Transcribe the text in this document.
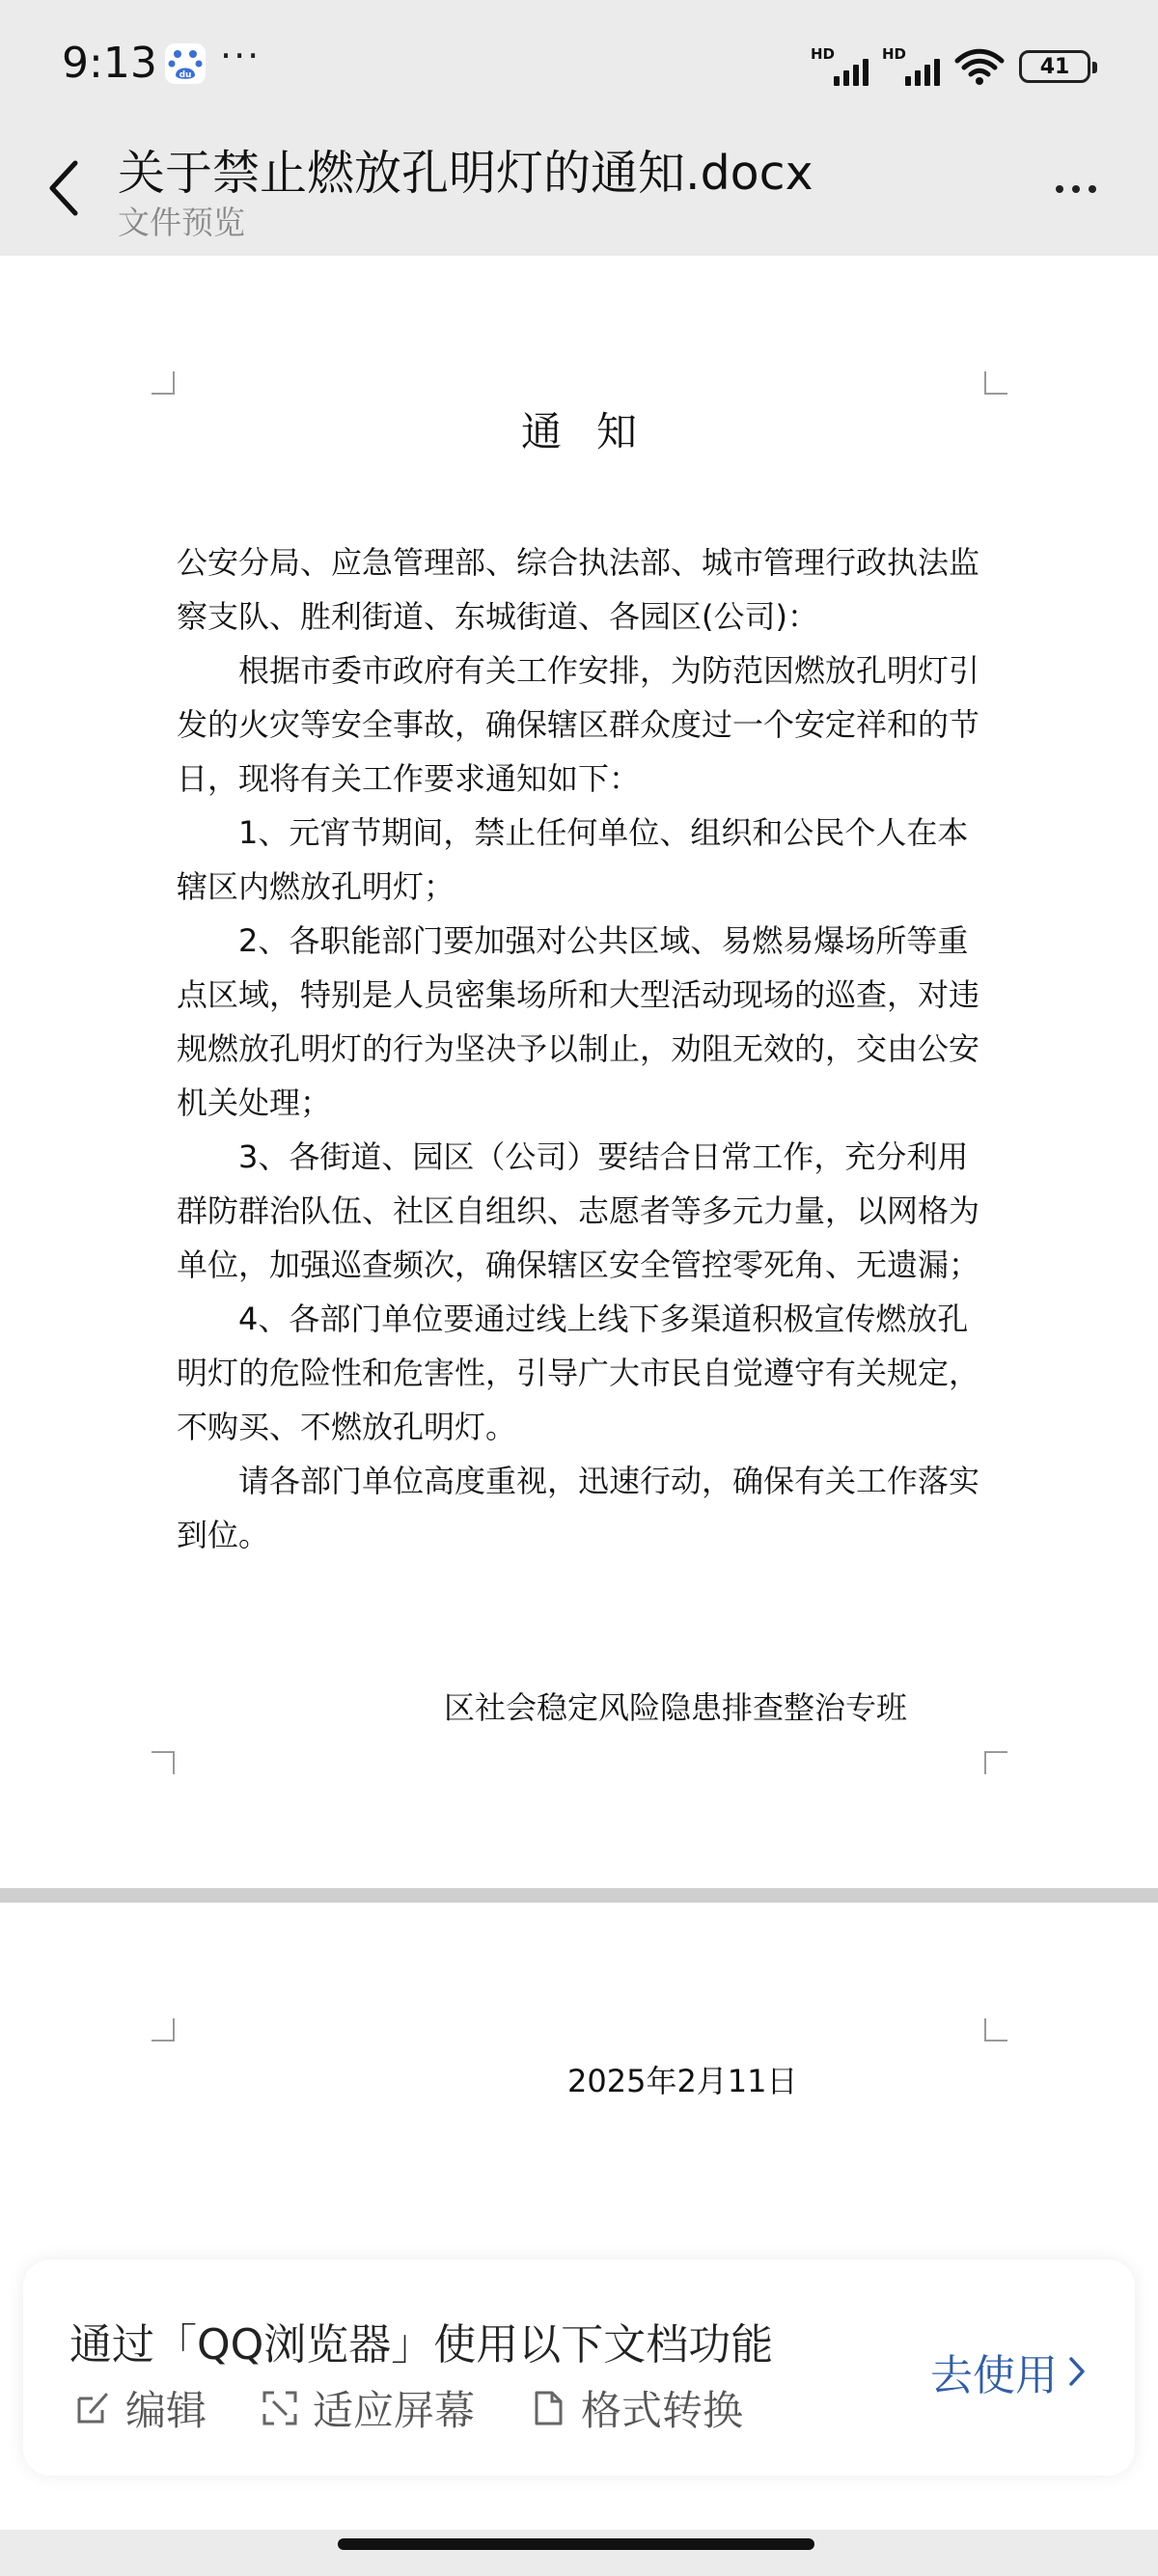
9:13	du ···	HD	HD
41
关于禁止燃放孔明灯的通知.docx
文件预览
通知

公安分局、应急管理部、综合执法部、城市管理行政执法监察支队、胜利街道、东城街道、各园区(公司)：

根据市委市政府有关工作安排，为防范因燃放孔明灯引发的火灾等安全事故，确保辖区群众度过一个安定祥和的节日，现将有关工作要求通知如下：

1、元宵节期间，禁止任何单位、组织和公民个人在本辖区内燃放孔明灯；

2、各职能部门要加强对公共区域、易燃易爆场所等重点区域，特别是人员密集场所和大型活动现场的巡查，对违规燃放孔明灯的行为坚决予以制止，劝阻无效的，交由公安机关处理；

3、各街道、园区（公司）要结合日常工作，充分利用群防群治队伍、社区自组织、志愿者等多元力量，以网格为单位，加强巡查频次，确保辖区安全管控零死角、无遗漏；

4、各部门单位要通过线上线下多渠道积极宣传燃放孔明灯的危险性和危害性，引导广大市民自觉遵守有关规定，不购买、不燃放孔明灯。

请各部门单位高度重视，迅速行动，确保有关工作落实到位。

区社会稳定风险隐患排查整治专班
2025年2月11日
通过「QQ浏览器」使用以下文档功能
编辑	适应屏幕	格式转换
去使用
